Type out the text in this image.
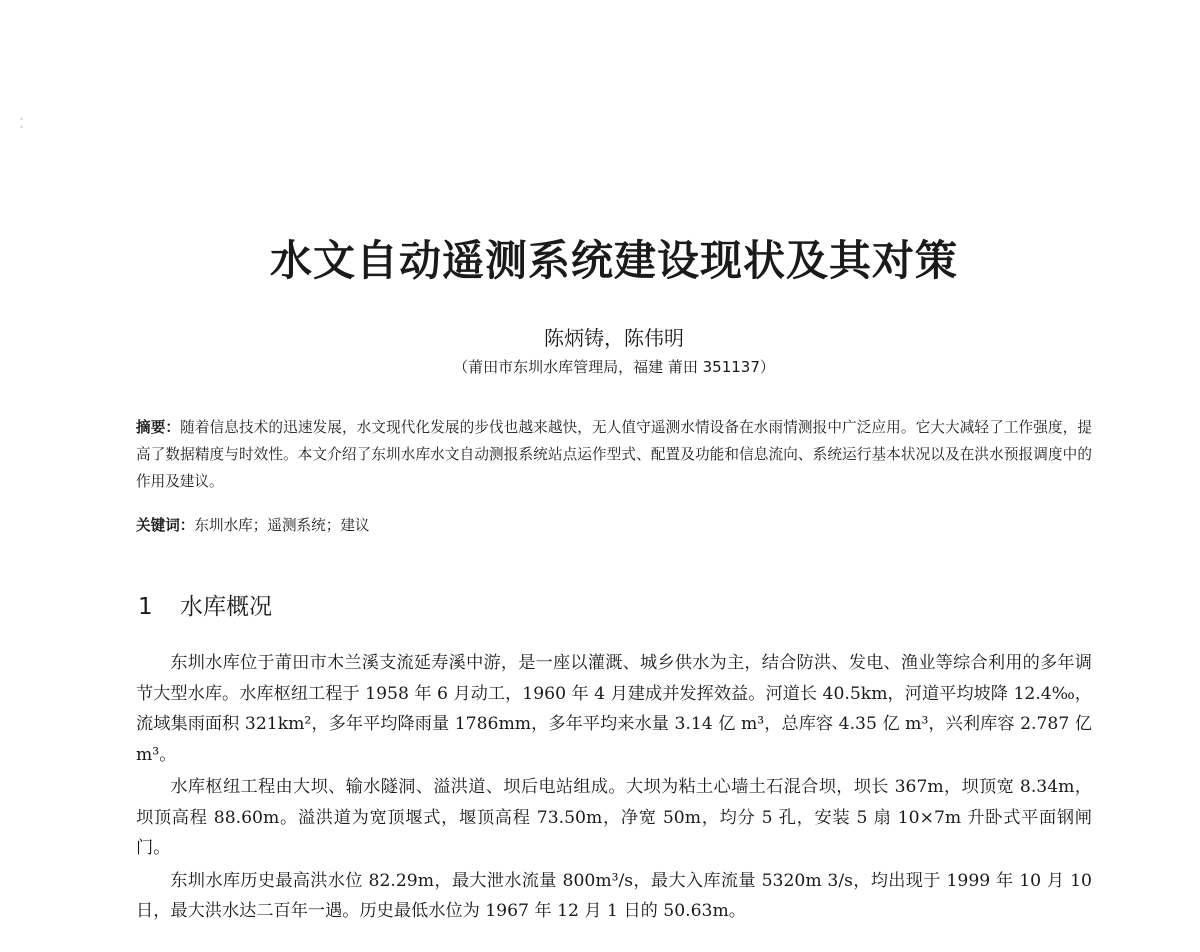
·
·
水文自动遥测系统建设现状及其对策

陈炳铸，陈伟明

（莆田市东圳水库管理局，福建 莆田 351137）

摘要：随着信息技术的迅速发展，水文现代化发展的步伐也越来越快，无人值守遥测水情设备在水雨情测报中广泛应用。它大大减轻了工作强度，提高了数据精度与时效性。本文介绍了东圳水库水文自动测报系统站点运作型式、配置及功能和信息流向、系统运行基本状况以及在洪水预报调度中的作用及建议。

关键词：东圳水库；遥测系统；建议

1 水库概况

东圳水库位于莆田市木兰溪支流延寿溪中游，是一座以灌溉、城乡供水为主，结合防洪、发电、渔业等综合利用的多年调节大型水库。水库枢纽工程于 1958 年 6 月动工，1960 年 4 月建成并发挥效益。河道长 40.5km，河道平均坡降 12.4‰，流域集雨面积 321km²，多年平均降雨量 1786mm，多年平均来水量 3.14 亿 m³，总库容 4.35 亿 m³，兴利库容 2.787 亿 m³。

水库枢纽工程由大坝、输水隧洞、溢洪道、坝后电站组成。大坝为粘土心墙土石混合坝，坝长 367m，坝顶宽 8.34m，坝顶高程 88.60m。溢洪道为宽顶堰式，堰顶高程 73.50m，净宽 50m，均分 5 孔，安装 5 扇 10×7m 升卧式平面钢闸门。

东圳水库历史最高洪水位 82.29m，最大泄水流量 800m³/s，最大入库流量 5320m 3/s，均出现于 1999 年 10 月 10 日，最大洪水达二百年一遇。历史最低水位为 1967 年 12 月 1 日的 50.63m。
